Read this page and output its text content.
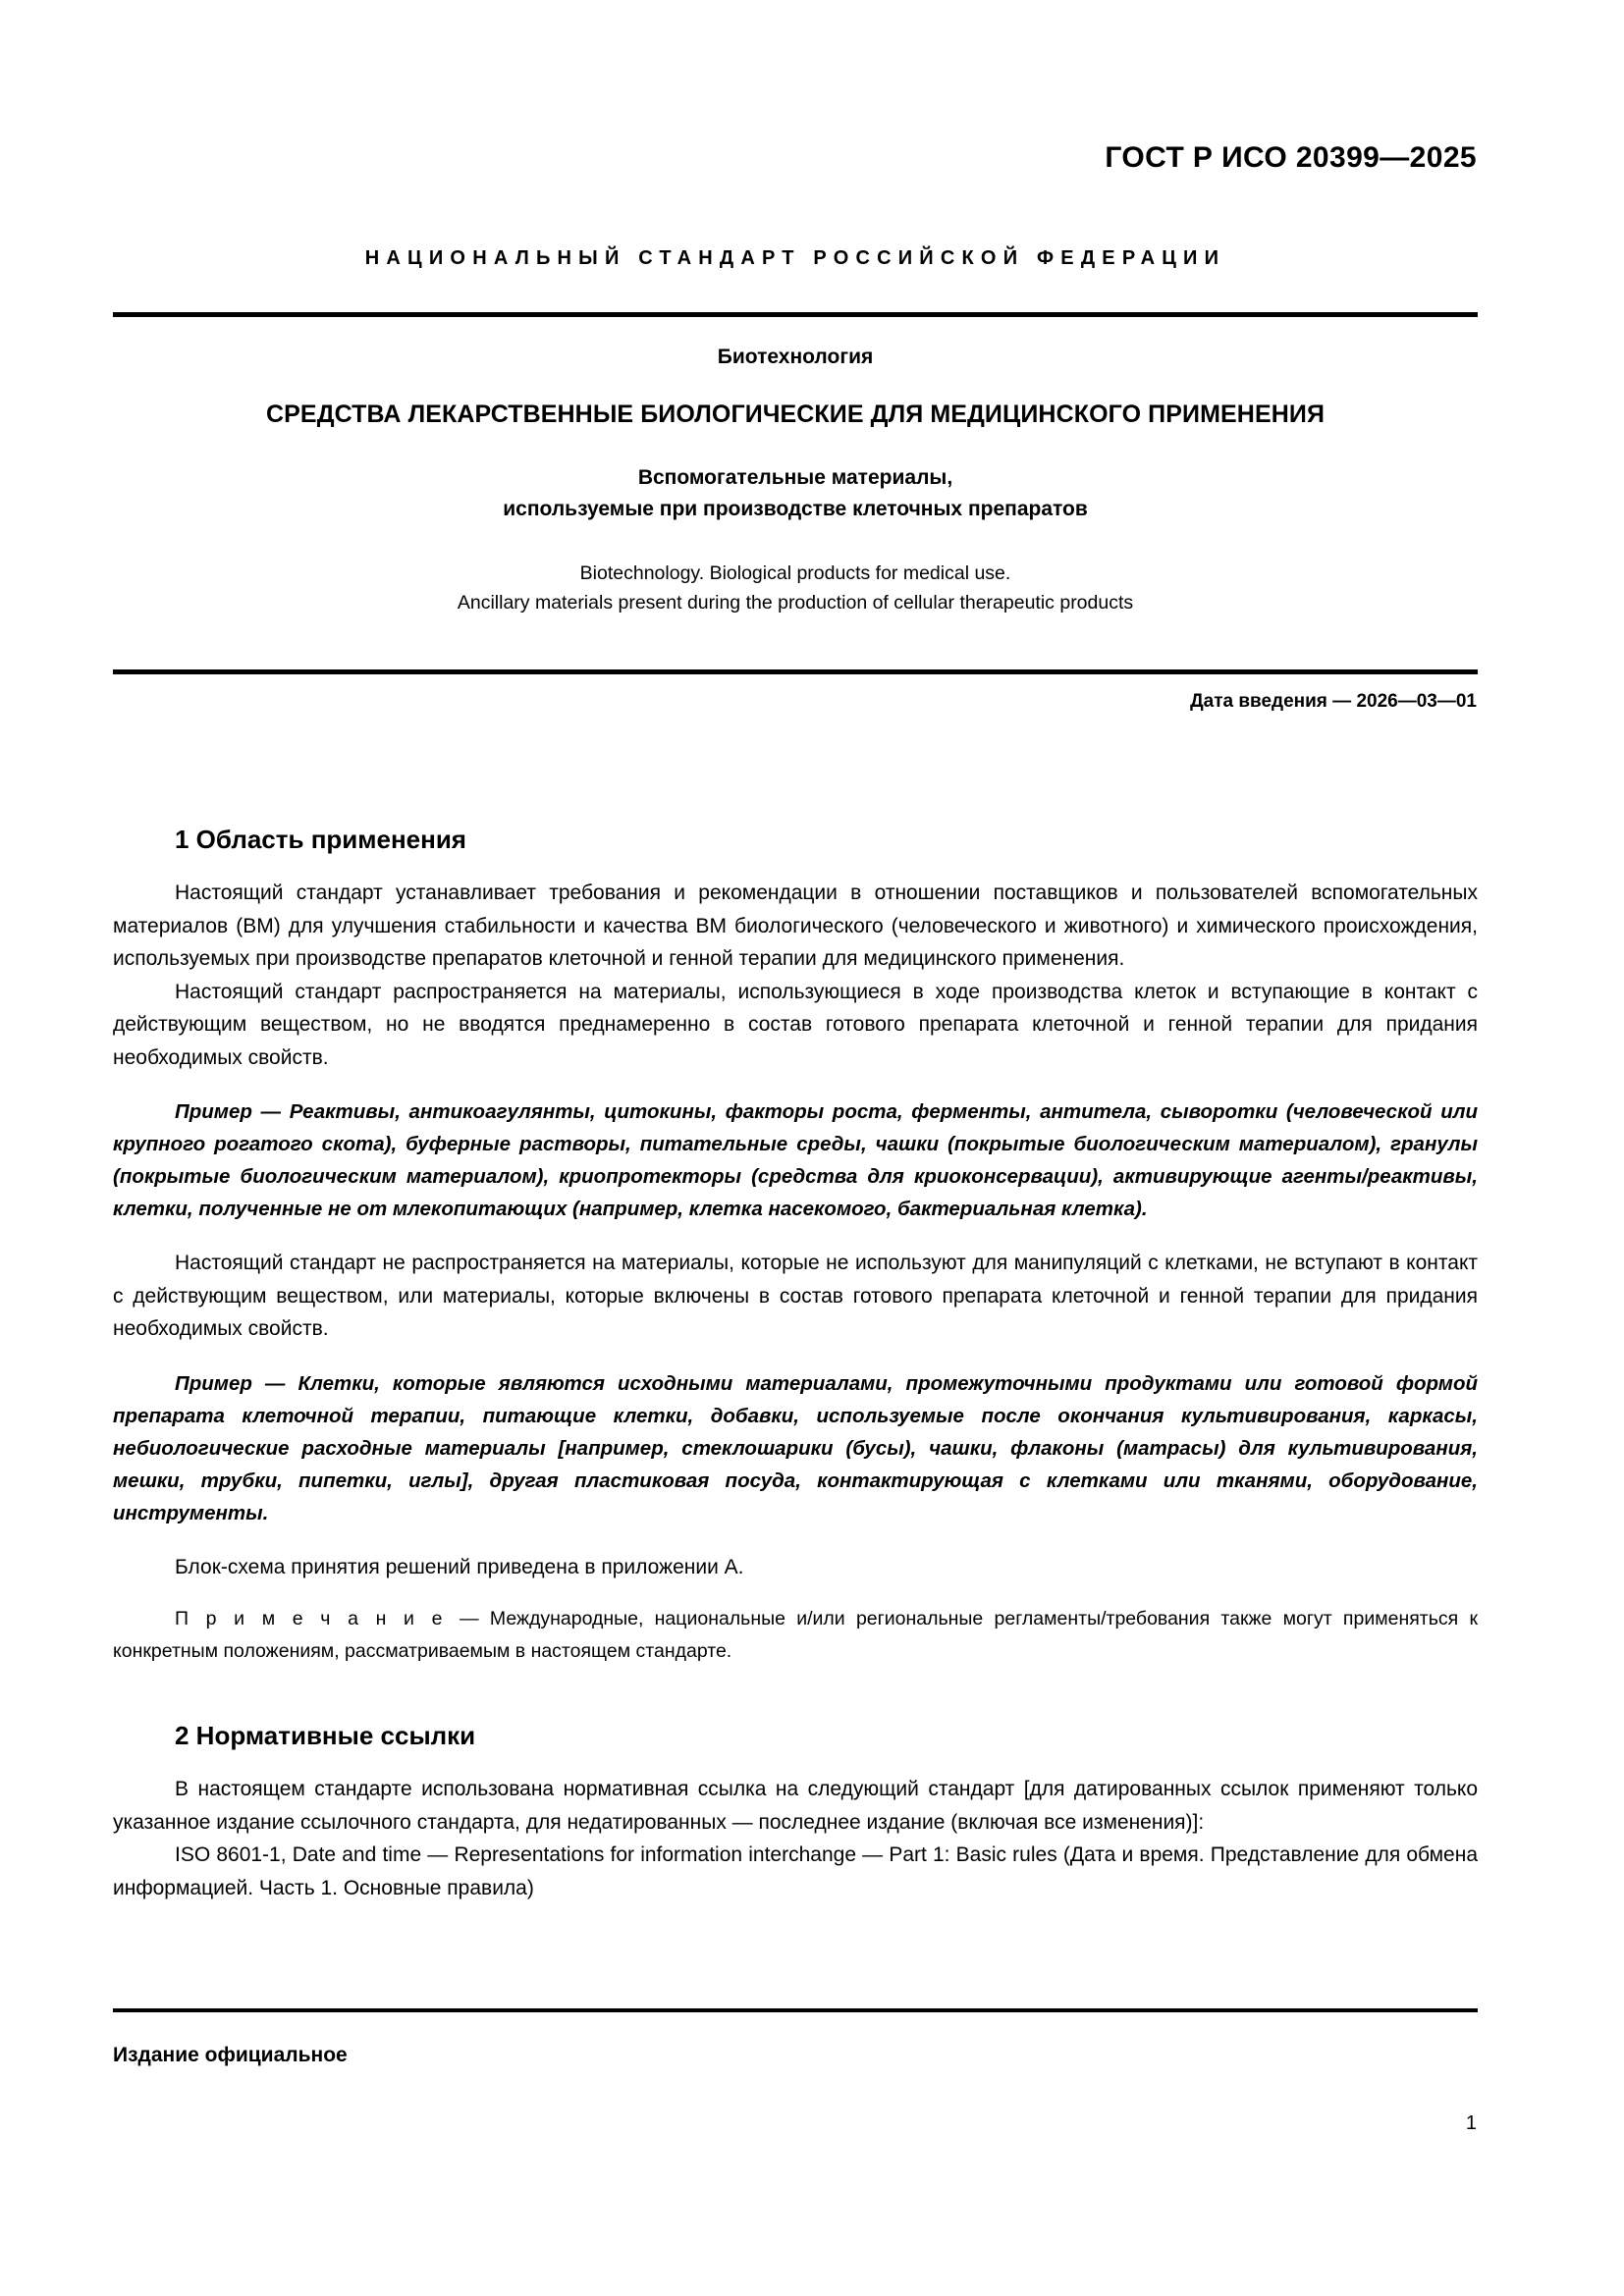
ГОСТ Р ИСО 20399—2025
НАЦИОНАЛЬНЫЙ СТАНДАРТ РОССИЙСКОЙ ФЕДЕРАЦИИ

Биотехнология

СРЕДСТВА ЛЕКАРСТВЕННЫЕ БИОЛОГИЧЕСКИЕ ДЛЯ МЕДИЦИНСКОГО ПРИМЕНЕНИЯ

Вспомогательные материалы,
используемые при производстве клеточных препаратов

Biotechnology. Biological products for medical use.
Ancillary materials present during the production of cellular therapeutic products

Дата введения — 2026—03—01
1 Область применения

Настоящий стандарт устанавливает требования и рекомендации в отношении поставщиков и пользователей вспомогательных материалов (ВМ) для улучшения стабильности и качества ВМ биологического (человеческого и животного) и химического происхождения, используемых при производстве препаратов клеточной и генной терапии для медицинского применения.

Настоящий стандарт распространяется на материалы, использующиеся в ходе производства клеток и вступающие в контакт с действующим веществом, но не вводятся преднамеренно в состав готового препарата клеточной и генной терапии для придания необходимых свойств.

Пример — Реактивы, антикоагулянты, цитокины, факторы роста, ферменты, антитела, сыворотки (человеческой или крупного рогатого скота), буферные растворы, питательные среды, чашки (покрытые биологическим материалом), гранулы (покрытые биологическим материалом), криопротекторы (средства для криоконсервации), активирующие агенты/реактивы, клетки, полученные не от млекопитающих (например, клетка насекомого, бактериальная клетка).

Настоящий стандарт не распространяется на материалы, которые не используют для манипуляций с клетками, не вступают в контакт с действующим веществом, или материалы, которые включены в состав готового препарата клеточной и генной терапии для придания необходимых свойств.

Пример — Клетки, которые являются исходными материалами, промежуточными продуктами или готовой формой препарата клеточной терапии, питающие клетки, добавки, используемые после окончания культивирования, каркасы, небиологические расходные материалы [например, стеклошарики (бусы), чашки, флаконы (матрасы) для культивирования, мешки, трубки, пипетки, иглы], другая пластиковая посуда, контактирующая с клетками или тканями, оборудование, инструменты.

Блок-схема принятия решений приведена в приложении А.

П р и м е ч а н и е — Международные, национальные и/или региональные регламенты/требования также могут применяться к конкретным положениям, рассматриваемым в настоящем стандарте.

2 Нормативные ссылки

В настоящем стандарте использована нормативная ссылка на следующий стандарт [для датированных ссылок применяют только указанное издание ссылочного стандарта, для недатированных — последнее издание (включая все изменения)]:

ISO 8601-1, Date and time — Representations for information interchange — Part 1: Basic rules (Дата и время. Представление для обмена информацией. Часть 1. Основные правила)

Издание официальное
1
